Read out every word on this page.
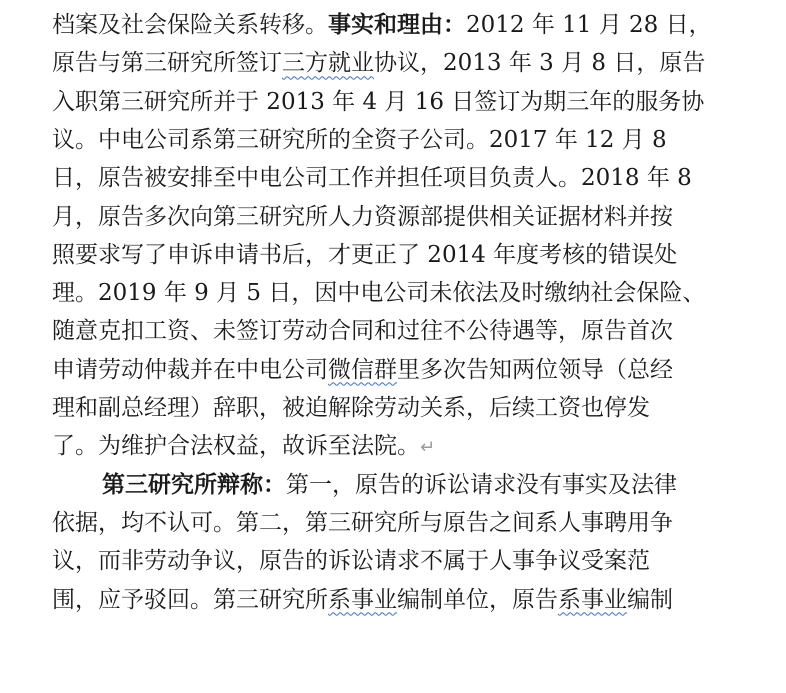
档案及社会保险关系转移。事实和理由：2012 年 11 月 28 日，
原告与第三研究所签订三方就业协议，2013 年 3 月 8 日，原告
入职第三研究所并于 2013 年 4 月 16 日签订为期三年的服务协
议。中电公司系第三研究所的全资子公司。2017 年 12 月 8
日，原告被安排至中电公司工作并担任项目负责人。2018 年 8
月，原告多次向第三研究所人力资源部提供相关证据材料并按
照要求写了申诉申请书后，才更正了 2014 年度考核的错误处
理。2019 年 9 月 5 日，因中电公司未依法及时缴纳社会保险、
随意克扣工资、未签订劳动合同和过往不公待遇等，原告首次
申请劳动仲裁并在中电公司微信群里多次告知两位领导（总经
理和副总经理）辞职，被迫解除劳动关系，后续工资也停发
了。为维护合法权益，故诉至法院。↵
第三研究所辩称：第一，原告的诉讼请求没有事实及法律
依据，均不认可。第二，第三研究所与原告之间系人事聘用争
议，而非劳动争议，原告的诉讼请求不属于人事争议受案范
围，应予驳回。第三研究所系事业编制单位，原告系事业编制
